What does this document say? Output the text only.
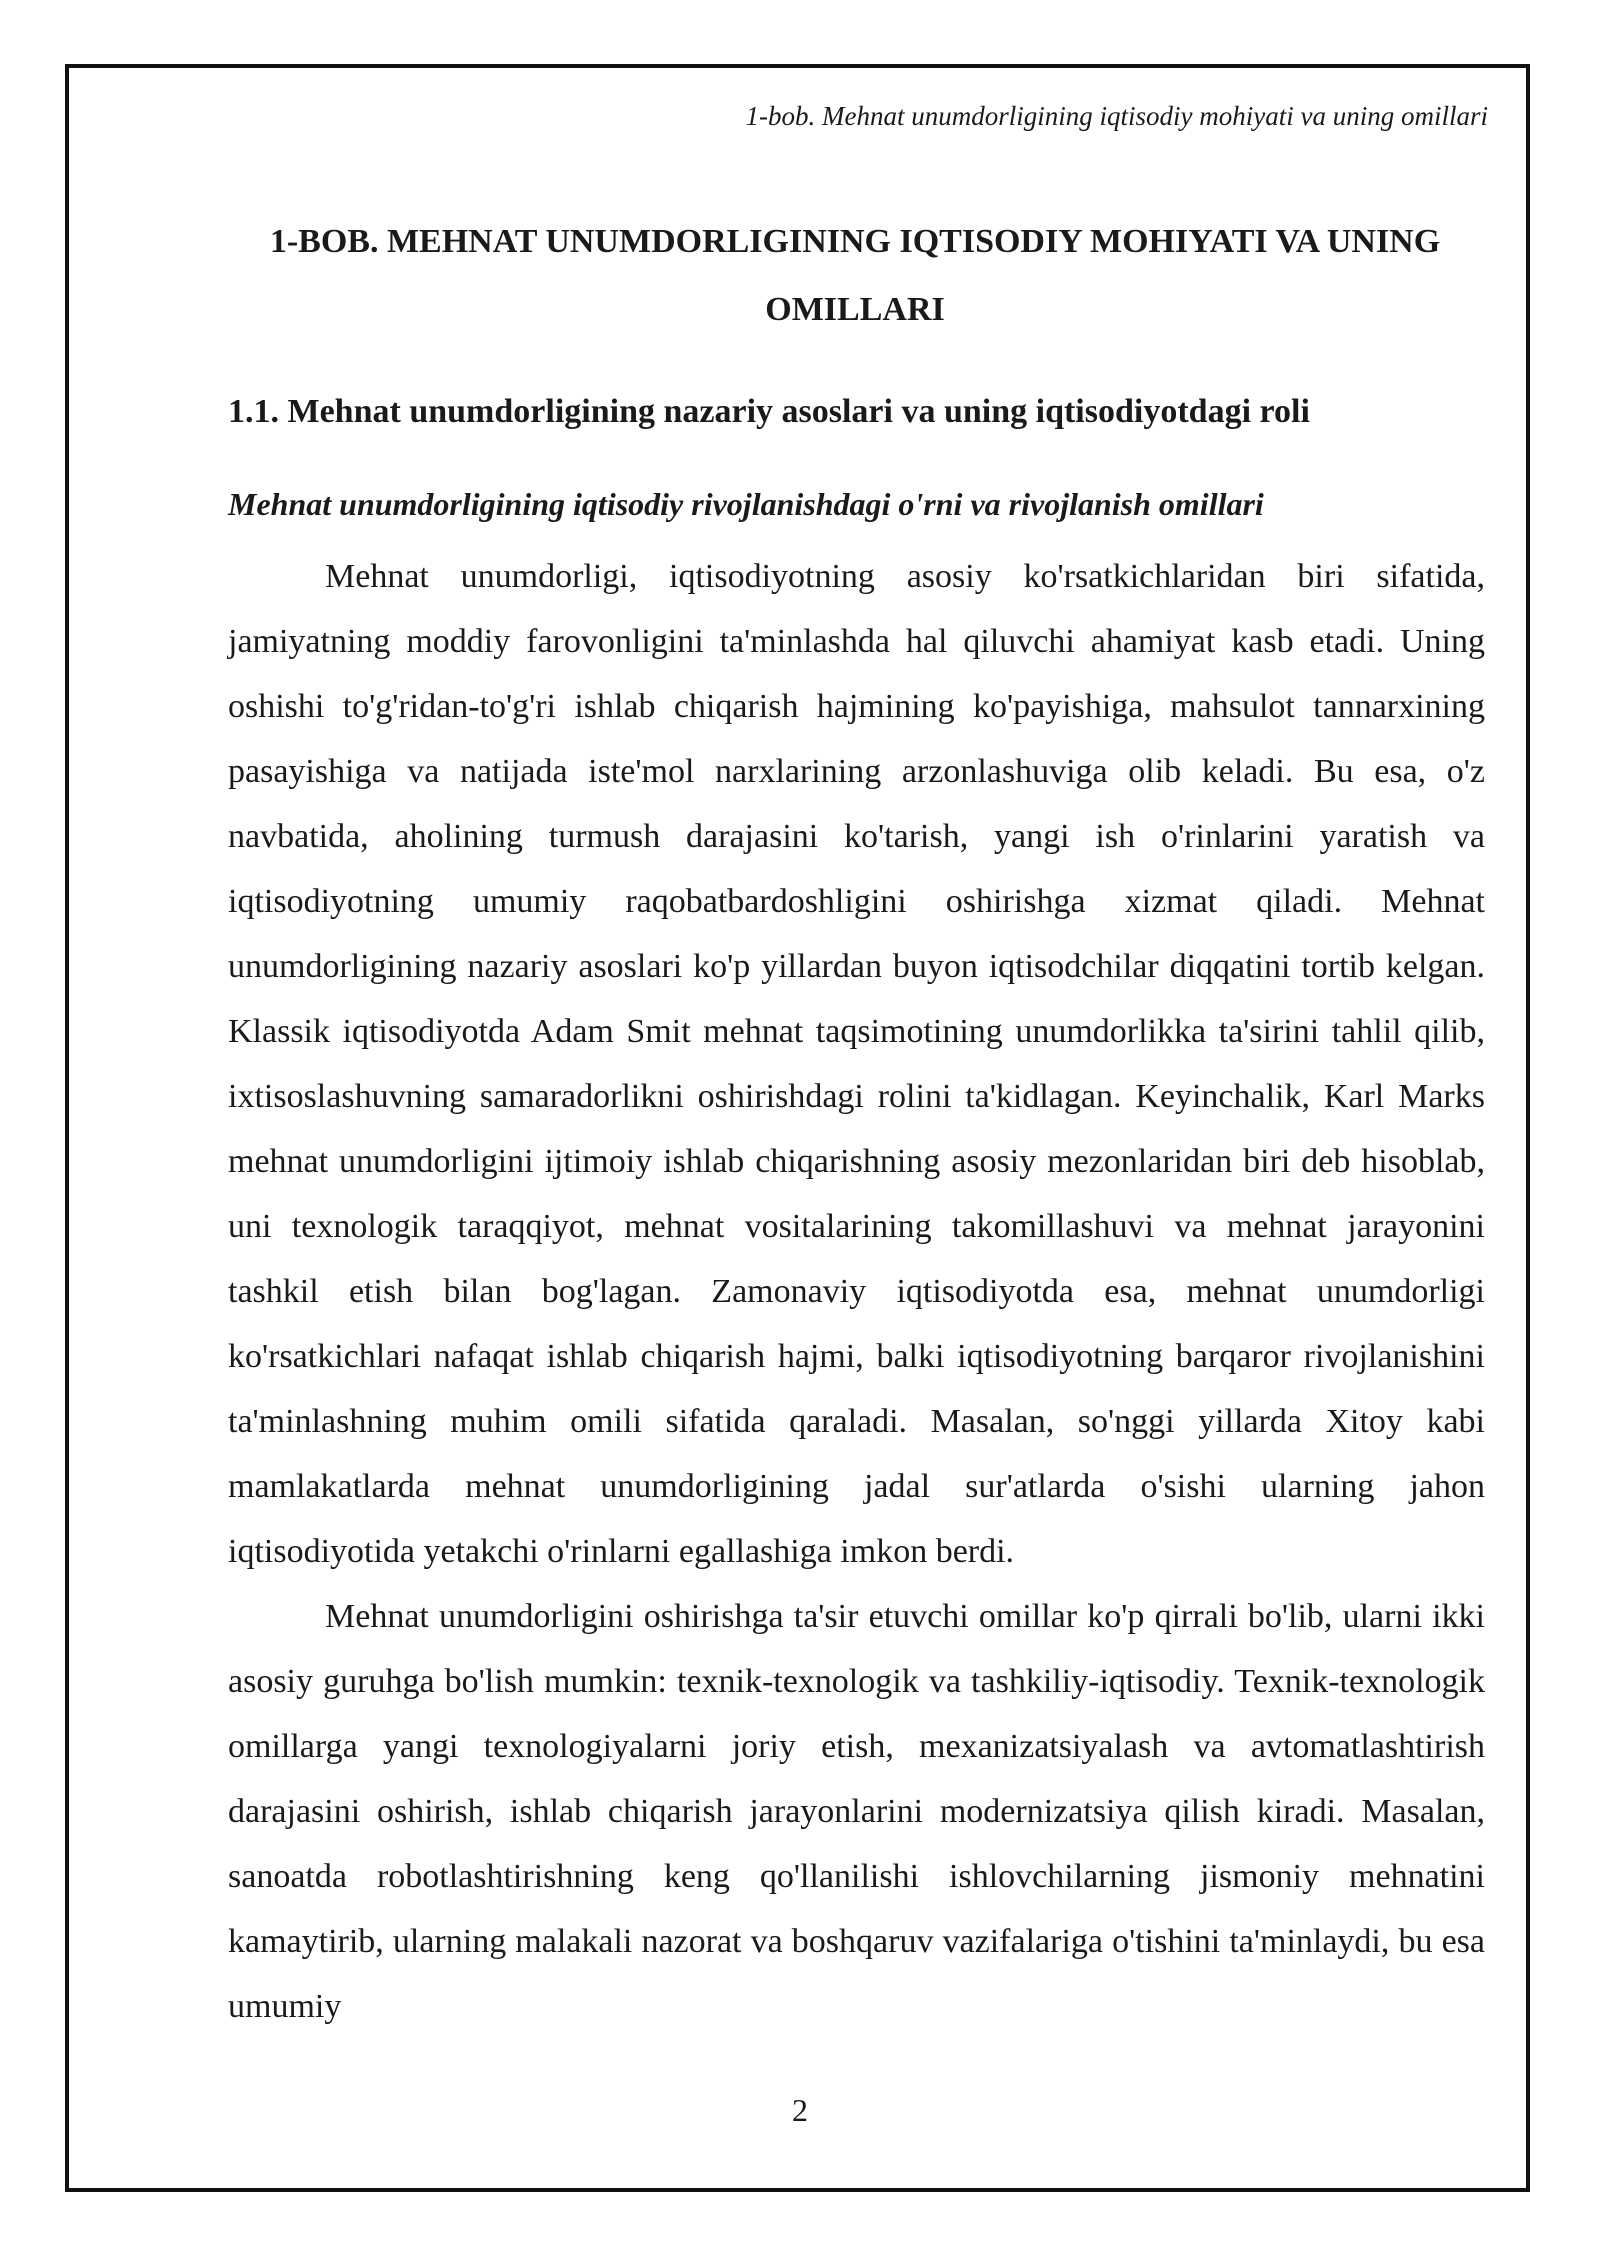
1-bob. Mehnat unumdorligining iqtisodiy mohiyati va uning omillari
1-BOB. MEHNAT UNUMDORLIGINING IQTISODIY MOHIYATI VA UNING OMILLARI
1.1. Mehnat unumdorligining nazariy asoslari va uning iqtisodiyotdagi roli
Mehnat unumdorligining iqtisodiy rivojlanishdagi o'rni va rivojlanish omillari

Mehnat unumdorligi, iqtisodiyotning asosiy ko'rsatkichlaridan biri sifatida, jamiyatning moddiy farovonligini ta'minlashda hal qiluvchi ahamiyat kasb etadi. Uning oshishi to'g'ridan-to'g'ri ishlab chiqarish hajmining ko'payishiga, mahsulot tannarxining pasayishiga va natijada iste'mol narxlarining arzonlashuviga olib keladi. Bu esa, o'z navbatida, aholining turmush darajasini ko'tarish, yangi ish o'rinlarini yaratish va iqtisodiyotning umumiy raqobatbardoshligini oshirishga xizmat qiladi. Mehnat unumdorligining nazariy asoslari ko'p yillardan buyon iqtisodchilar diqqatini tortib kelgan. Klassik iqtisodiyotda Adam Smit mehnat taqsimotining unumdorlikka ta'sirini tahlil qilib, ixtisoslashuvning samaradorlikni oshirishdagi rolini ta'kidlagan. Keyinchalik, Karl Marks mehnat unumdorligini ijtimoiy ishlab chiqarishning asosiy mezonlaridan biri deb hisoblab, uni texnologik taraqqiyot, mehnat vositalarining takomillashuvi va mehnat jarayonini tashkil etish bilan bog'lagan. Zamonaviy iqtisodiyotda esa, mehnat unumdorligi ko'rsatkichlari nafaqat ishlab chiqarish hajmi, balki iqtisodiyotning barqaror rivojlanishini ta'minlashning muhim omili sifatida qaraladi. Masalan, so'nggi yillarda Xitoy kabi mamlakatlarda mehnat unumdorligining jadal sur'atlarda o'sishi ularning jahon iqtisodiyotida yetakchi o'rinlarni egallashiga imkon berdi.

Mehnat unumdorligini oshirishga ta'sir etuvchi omillar ko'p qirrali bo'lib, ularni ikki asosiy guruhga bo'lish mumkin: texnik-texnologik va tashkiliy-iqtisodiy. Texnik-texnologik omillarga yangi texnologiyalarni joriy etish, mexanizatsiyalash va avtomatlashtirish darajasini oshirish, ishlab chiqarish jarayonlarini modernizatsiya qilish kiradi. Masalan, sanoatda robotlashtirishning keng qo'llanilishi ishlovchilarning jismoniy mehnatini kamaytirib, ularning malakali nazorat va boshqaruv vazifalariga o'tishini ta'minlaydi, bu esa umumiy

2
